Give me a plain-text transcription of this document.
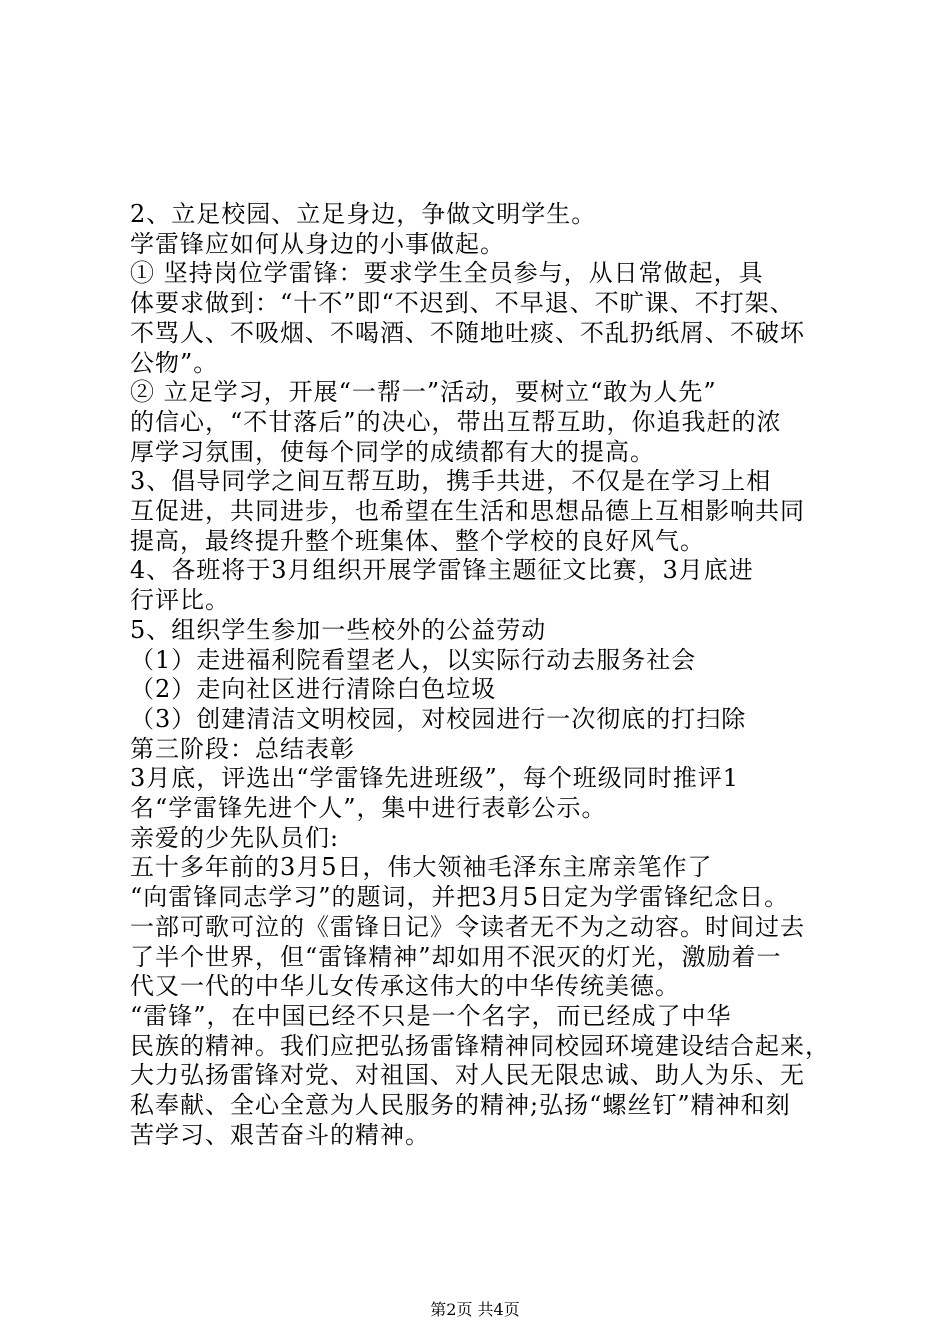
2、立足校园、立足身边，争做文明学生。

学雷锋应如何从身边的小事做起。

① 坚持岗位学雷锋：要求学生全员参与，从日常做起，具

体要求做到：“十不”即“不迟到、不早退、不旷课、不打架、

不骂人、不吸烟、不喝酒、不随地吐痰、不乱扔纸屑、不破坏

公物”。

② 立足学习，开展“一帮一”活动，要树立“敢为人先”

的信心，“不甘落后”的决心，带出互帮互助，你追我赶的浓

厚学习氛围，使每个同学的成绩都有大的提高。

3、倡导同学之间互帮互助，携手共进，不仅是在学习上相

互促进，共同进步，也希望在生活和思想品德上互相影响共同

提高，最终提升整个班集体、整个学校的良好风气。

4、各班将于3月组织开展学雷锋主题征文比赛，3月底进

行评比。

5、组织学生参加一些校外的公益劳动

（1）走进福利院看望老人，以实际行动去服务社会

（2）走向社区进行清除白色垃圾

（3）创建清洁文明校园，对校园进行一次彻底的打扫除

第三阶段：总结表彰

3月底，评选出“学雷锋先进班级”，每个班级同时推评1

名“学雷锋先进个人”，集中进行表彰公示。

亲爱的少先队员们:

五十多年前的3月5日，伟大领袖毛泽东主席亲笔作了

“向雷锋同志学习”的题词，并把3月5日定为学雷锋纪念日。

一部可歌可泣的《雷锋日记》令读者无不为之动容。时间过去

了半个世界，但“雷锋精神”却如用不泯灭的灯光，激励着一

代又一代的中华儿女传承这伟大的中华传统美德。

“雷锋”，在中国已经不只是一个名字，而已经成了中华

民族的精神。我们应把弘扬雷锋精神同校园环境建设结合起来，

大力弘扬雷锋对党、对祖国、对人民无限忠诚、助人为乐、无

私奉献、全心全意为人民服务的精神;弘扬“螺丝钉”精神和刻

苦学习、艰苦奋斗的精神。

第2页 共4页
